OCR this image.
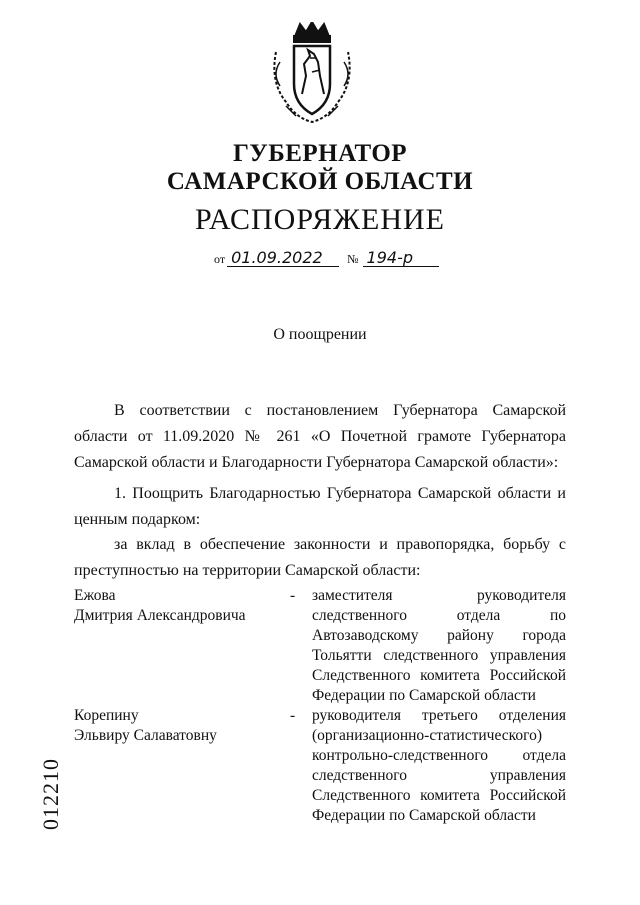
ГУБЕРНАТОР
САМАРСКОЙ ОБЛАСТИ
РАСПОРЯЖЕНИЕ
от 01.09.2022 № 194-р
О поощрении
В соответствии с постановлением Губернатора Самарской области от 11.09.2020 № 261 «О Почетной грамоте Губернатора Самарской области и Благодарности Губернатора Самарской области»:
1. Поощрить Благодарностью Губернатора Самарской области и ценным подарком:
за вклад в обеспечение законности и правопорядка, борьбу с преступностью на территории Самарской области:
Ежова
Дмитрия Александровича
- заместителя руководителя следственного отдела по Автозаводскому району города Тольятти следственного управления Следственного комитета Российской Федерации по Самарской области
Корепину
Эльвиру Салаватовну
- руководителя третьего отделения (организационно-статистического) контрольно-следственного отдела следственного управления Следственного комитета Российской Федерации по Самарской области
012210
